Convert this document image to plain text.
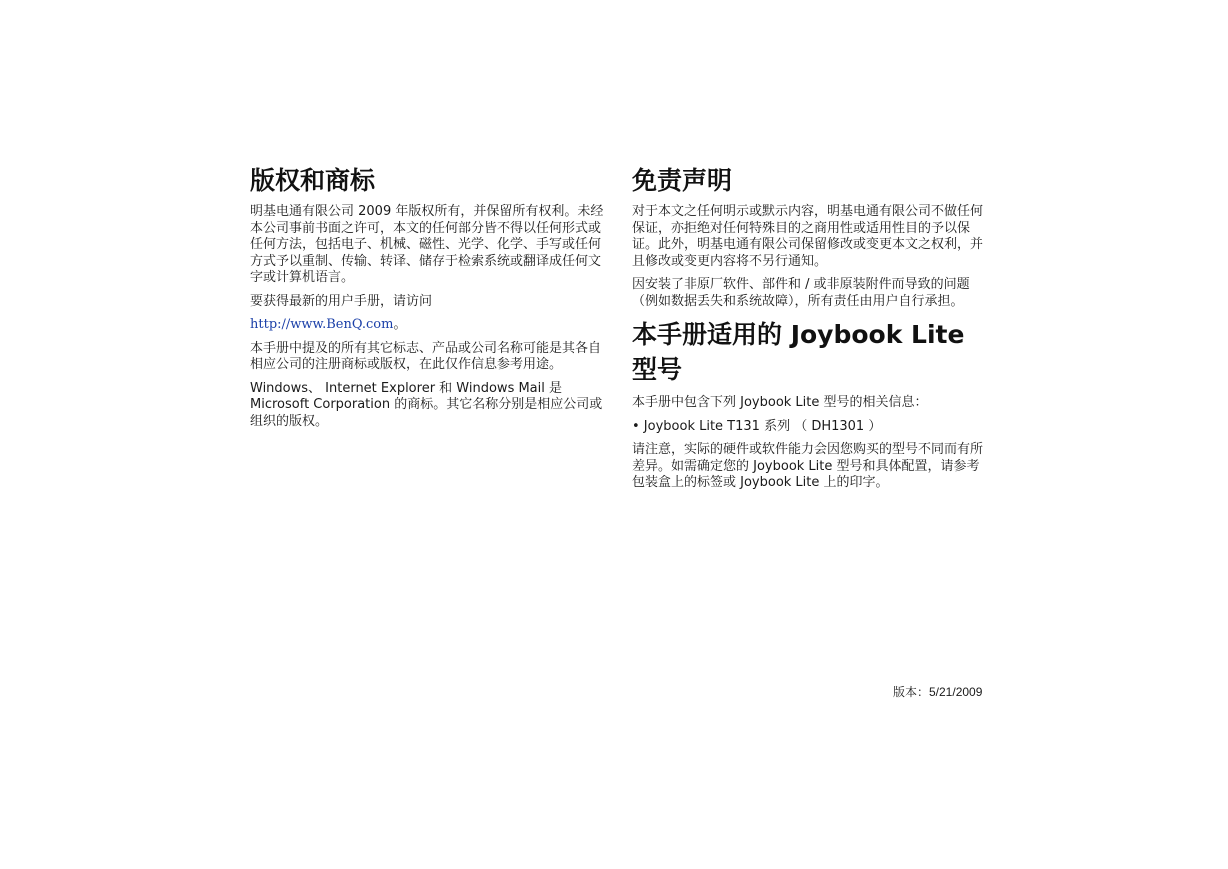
版权和商标

明基电通有限公司 2009 年版权所有，并保留所有权利。未经本公司事前书面之许可，本文的任何部分皆不得以任何形式或任何方法，包括电子、机械、磁性、光学、化学、手写或任何方式予以重制、传输、转译、储存于检索系统或翻译成任何文字或计算机语言。

要获得最新的用户手册，请访问

http://www.BenQ.com。

本手册中提及的所有其它标志、产品或公司名称可能是其各自相应公司的注册商标或版权，在此仅作信息参考用途。

Windows、 Internet Explorer 和 Windows Mail 是 Microsoft Corporation 的商标。其它名称分别是相应公司或组织的版权。

免责声明

对于本文之任何明示或默示内容，明基电通有限公司不做任何保证，亦拒绝对任何特殊目的之商用性或适用性目的予以保证。此外，明基电通有限公司保留修改或变更本文之权利，并且修改或变更内容将不另行通知。

因安装了非原厂软件、部件和 / 或非原装附件而导致的问题 （例如数据丢失和系统故障），所有责任由用户自行承担。

本手册适用的 Joybook Lite 型号

本手册中包含下列 Joybook Lite 型号的相关信息：

• Joybook Lite T131 系列 （ DH1301 ）

请注意，实际的硬件或软件能力会因您购买的型号不同而有所差异。如需确定您的 Joybook Lite 型号和具体配置，请参考包装盒上的标签或 Joybook Lite 上的印字。

版本：5/21/2009
